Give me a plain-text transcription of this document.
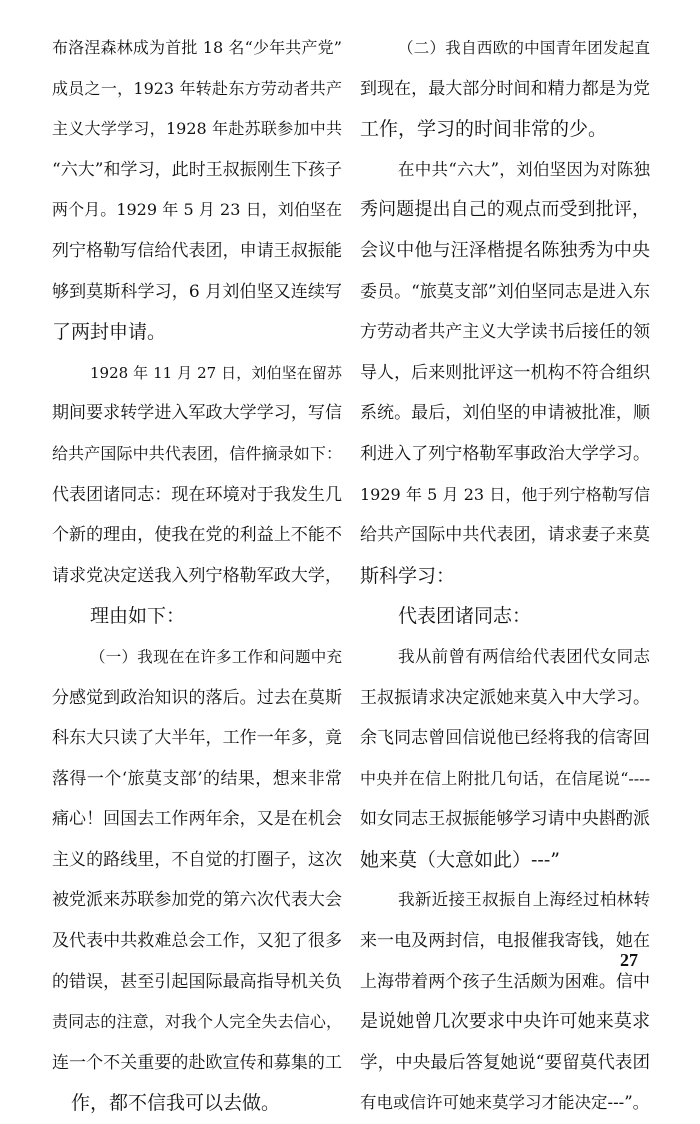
布洛涅森林成为首批 18 名“少年共产党”
成员之一，1923 年转赴东方劳动者共产
主义大学学习，1928 年赴苏联参加中共
“六大”和学习，此时王叔振刚生下孩子
两个月。1929 年 5 月 23 日，刘伯坚在
列宁格勒写信给代表团，申请王叔振能
够到莫斯科学习，6 月刘伯坚又连续写
了两封申请。
1928 年 11 月 27 日，刘伯坚在留苏
期间要求转学进入军政大学学习，写信
给共产国际中共代表团，信件摘录如下：
代表团诸同志：现在环境对于我发生几
个新的理由，使我在党的利益上不能不
请求党决定送我入列宁格勒军政大学，
理由如下：
（一）我现在在许多工作和问题中充
分感觉到政治知识的落后。过去在莫斯
科东大只读了大半年，工作一年多，竟
落得一个‘旅莫支部’的结果，想来非常
痛心！回国去工作两年余，又是在机会
主义的路线里，不自觉的打圈子，这次
被党派来苏联参加党的第六次代表大会
及代表中共救难总会工作，又犯了很多
的错误，甚至引起国际最高指导机关负
责同志的注意，对我个人完全失去信心，
连一个不关重要的赴欧宣传和募集的工
作，都不信我可以去做。
（二）我自西欧的中国青年团发起直
到现在，最大部分时间和精力都是为党
工作，学习的时间非常的少。
在中共“六大”，刘伯坚因为对陈独
秀问题提出自己的观点而受到批评，
会议中他与汪泽楷提名陈独秀为中央
委员。“旅莫支部”刘伯坚同志是进入东
方劳动者共产主义大学读书后接任的领
导人，后来则批评这一机构不符合组织
系统。最后，刘伯坚的申请被批准，顺
利进入了列宁格勒军事政治大学学习。
1929 年 5 月 23 日，他于列宁格勒写信
给共产国际中共代表团，请求妻子来莫
斯科学习：
代表团诸同志：
我从前曾有两信给代表团代女同志
王叔振请求决定派她来莫入中大学习。
余飞同志曾回信说他已经将我的信寄回
中央并在信上附批几句话，在信尾说“----
如女同志王叔振能够学习请中央斟酌派
她来莫（大意如此）---”
我新近接王叔振自上海经过柏林转
来一电及两封信，电报催我寄钱，她在
上海带着两个孩子生活颇为困难。信中
是说她曾几次要求中央许可她来莫求
学，中央最后答复她说“要留莫代表团
有电或信许可她来莫学习才能决定---”。
27
